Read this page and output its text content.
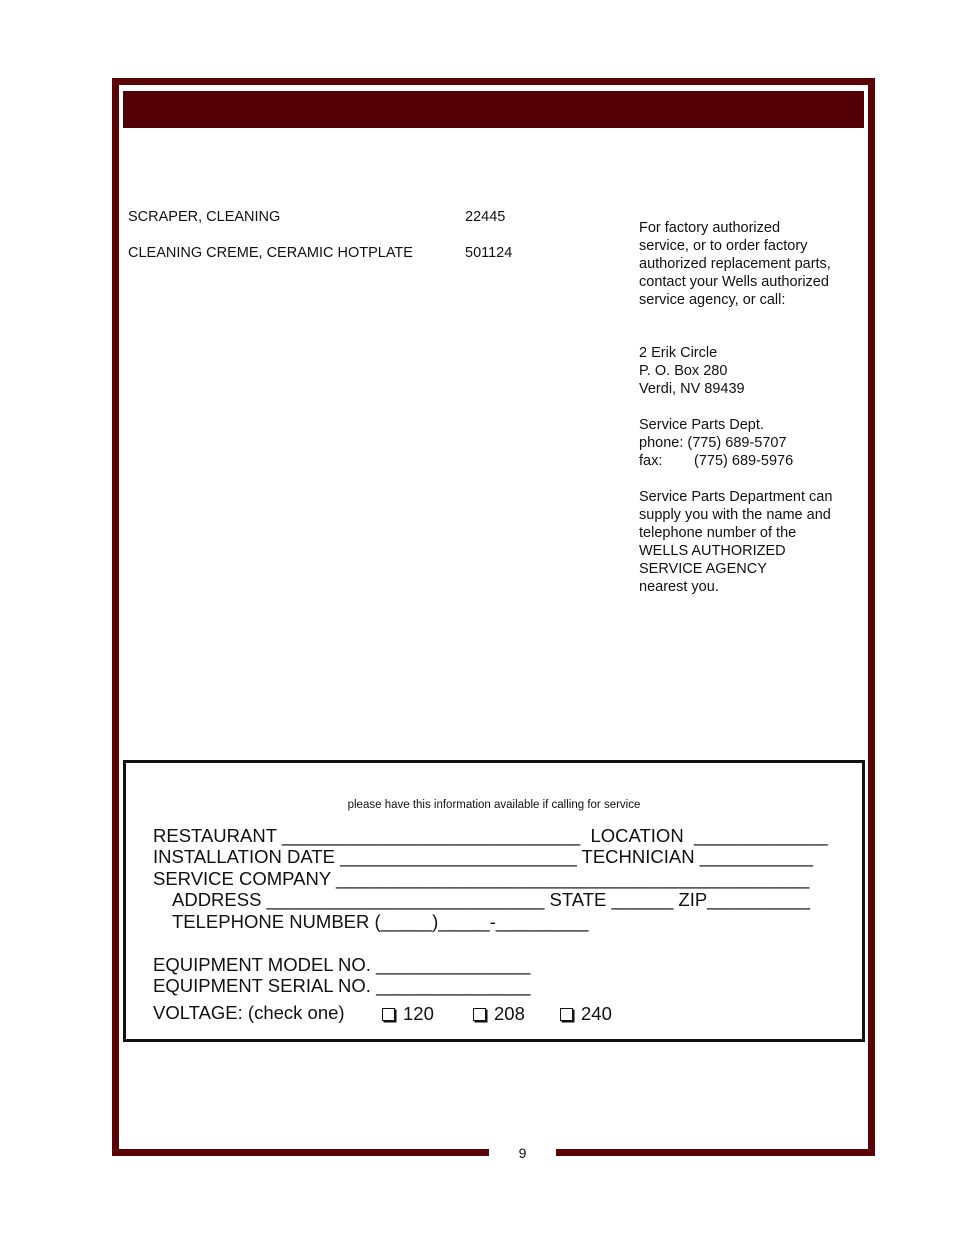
SCRAPER, CLEANING	22445
CLEANING CREME, CERAMIC HOTPLATE	501124
For factory authorized
service, or to order factory
authorized replacement parts,
contact your Wells authorized
service agency, or call:
2 Erik Circle
P. O. Box 280
Verdi, NV 89439
Service Parts Dept.
phone: (775) 689-5707
fax: (775) 689-5976
Service Parts Department can
supply you with the name and
telephone number of the
WELLS AUTHORIZED
SERVICE AGENCY
nearest you.
please have this information available if calling for service
RESTAURANT _____________________________  LOCATION  _____________
INSTALLATION DATE _______________________ TECHNICIAN ___________
SERVICE COMPANY ______________________________________________
ADDRESS ___________________________ STATE ______ ZIP__________
TELEPHONE NUMBER (_____)_____-_________
EQUIPMENT MODEL NO. _______________
EQUIPMENT SERIAL NO. _______________
VOLTAGE: (check one)	120	208	240
9
